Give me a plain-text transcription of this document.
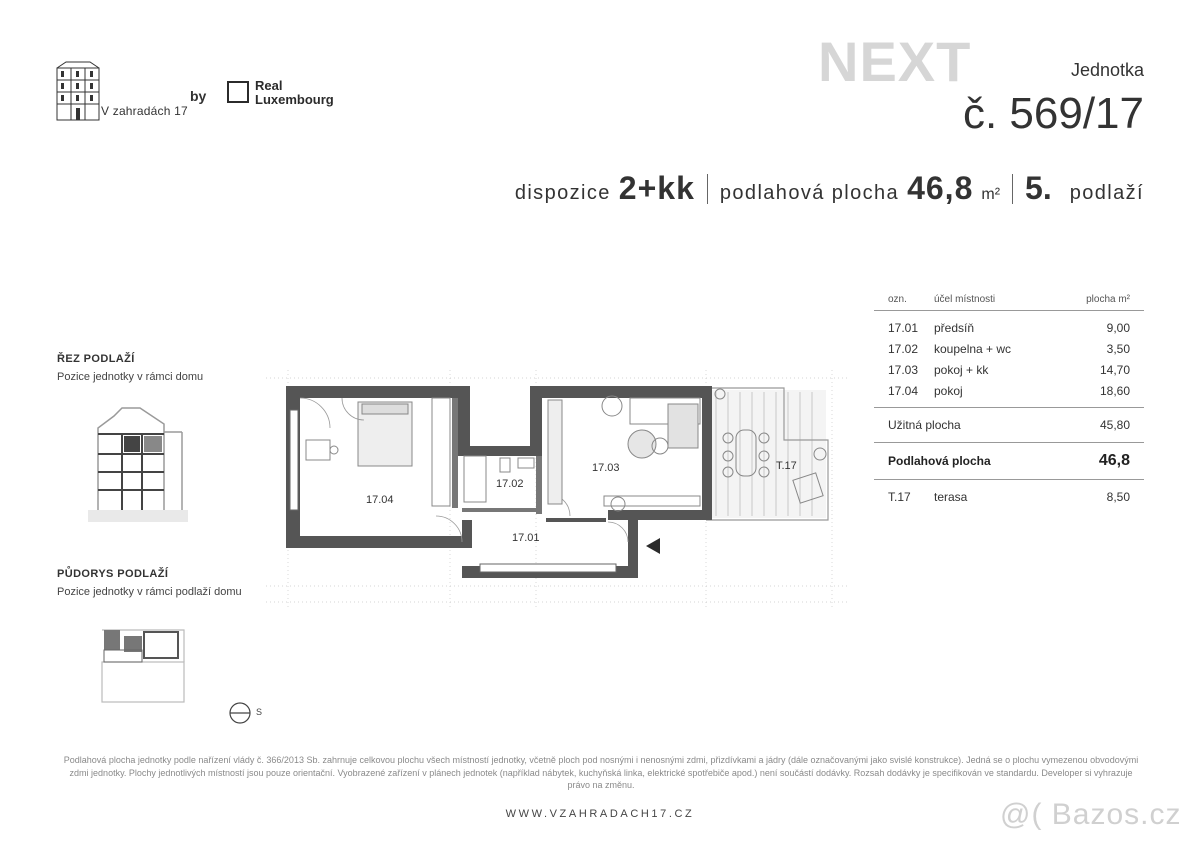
V zahradách 17
by
Real
Luxembourg
NEXT	Jednotka
č. 569/17
dispozice 2+kk podlahová plocha 46,8 m² 5. podlaží
ŘEZ PODLAŽÍ
Pozice jednotky v rámci domu
PŮDORYS PODLAŽÍ
Pozice jednotky v rámci podlaží domu
S
17.04
17.02
17.03
17.01
T.17
ozn.	účel místnosti	plocha m²
17.01	předsíň	9,00
17.02	koupelna + wc	3,50
17.03	pokoj + kk	14,70
17.04	pokoj	18,60
Užitná plocha	45,80
Podlahová plocha	46,8
T.17	terasa	8,50
Podlahová plocha jednotky podle nařízení vlády č. 366/2013 Sb. zahrnuje celkovou plochu všech místností jednotky, včetně ploch pod nosnými i nenosnými zdmi, přizdívkami a jádry (dále označovanými jako svislé konstrukce). Jedná se o plochu vymezenou obvodovými zdmi jednotky. Plochy jednotlivých místností jsou pouze orientační. Vyobrazené zařízení v plánech jednotek (například nábytek, kuchyňská linka, elektrické spotřebiče apod.) není součástí dodávky. Rozsah dodávky je specifikován ve standardu. Developer si vyhrazuje právo na změnu.
WWW.VZAHRADACH17.CZ	@( Bazos.cz
